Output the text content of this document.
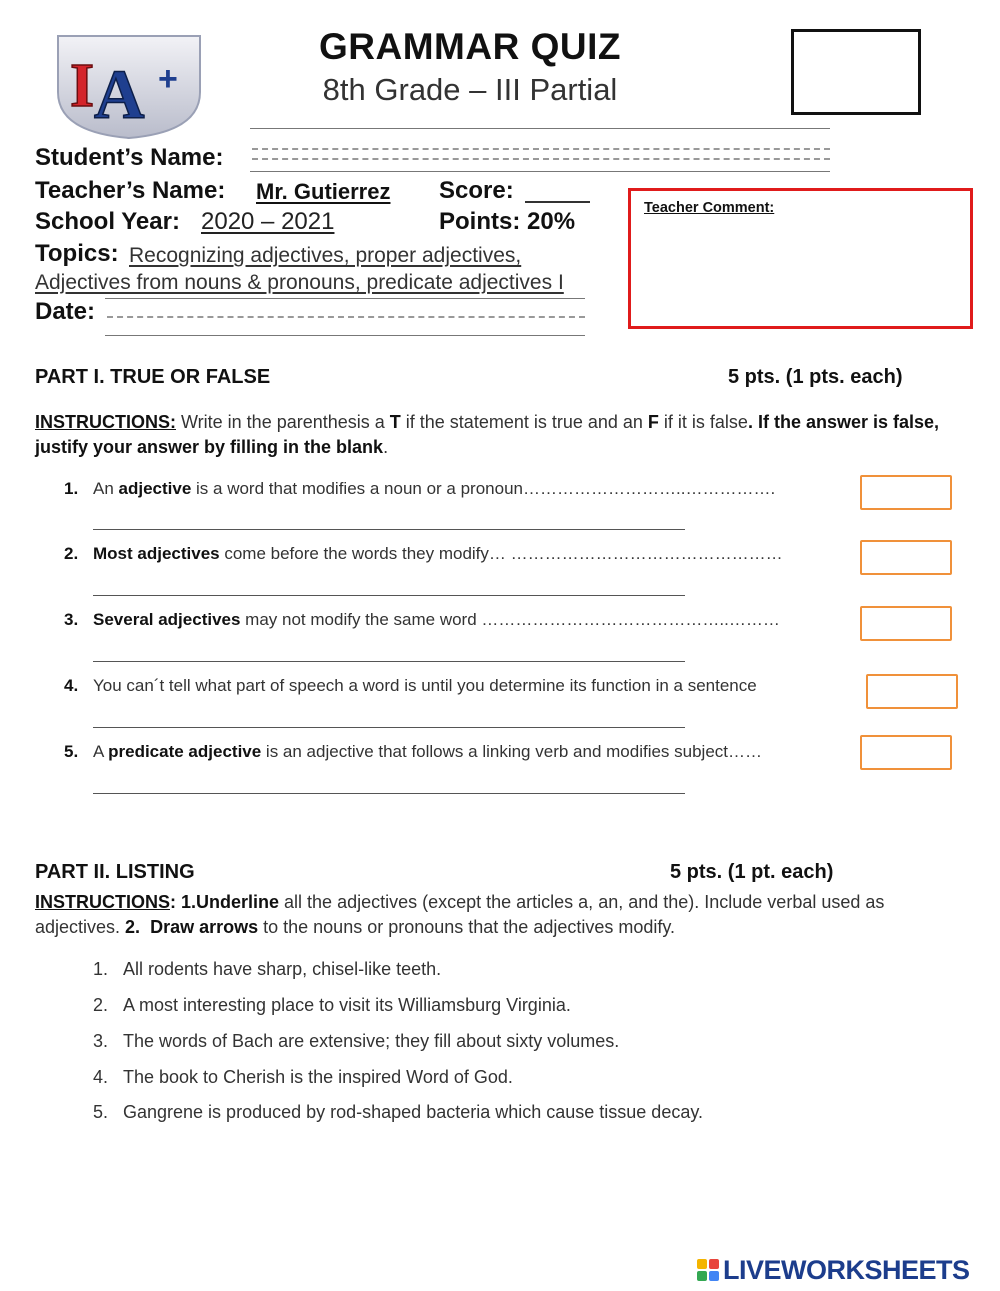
I A +
GRAMMAR QUIZ
8th Grade – III Partial
Student’s Name:
Teacher’s Name: Mr. Gutierrez Score:
School Year: 2020 – 2021	Points: 20%
Topics: Recognizing adjectives, proper adjectives,
Adjectives from nouns & pronouns, predicate adjectives I
Date:
Teacher Comment:
PART I. TRUE OR FALSE	5 pts. (1 pts. each)
INSTRUCTIONS: Write in the parenthesis a T if the statement is true and an F if it is false. If the answer is false, justify your answer by filling in the blank.
1. An adjective is a word that modifies a noun or a pronoun………………………..…………….
2. Most adjectives come before the words they modify… …………………………………………
3. Several adjectives may not modify the same word ……………………………………..………
4. You can´t tell what part of speech a word is until you determine its function in a sentence
5. A predicate adjective is an adjective that follows a linking verb and modifies subject……
PART II. LISTING	5 pts. (1 pt. each)
INSTRUCTIONS: 1.Underline all the adjectives (except the articles a, an, and the). Include verbal used as adjectives. 2. Draw arrows to the nouns or pronouns that the adjectives modify.
1. All rodents have sharp, chisel-like teeth.
2. A most interesting place to visit its Williamsburg Virginia.
3. The words of Bach are extensive; they fill about sixty volumes.
4. The book to Cherish is the inspired Word of God.
5. Gangrene is produced by rod-shaped bacteria which cause tissue decay.
LIVEWORKSHEETS
